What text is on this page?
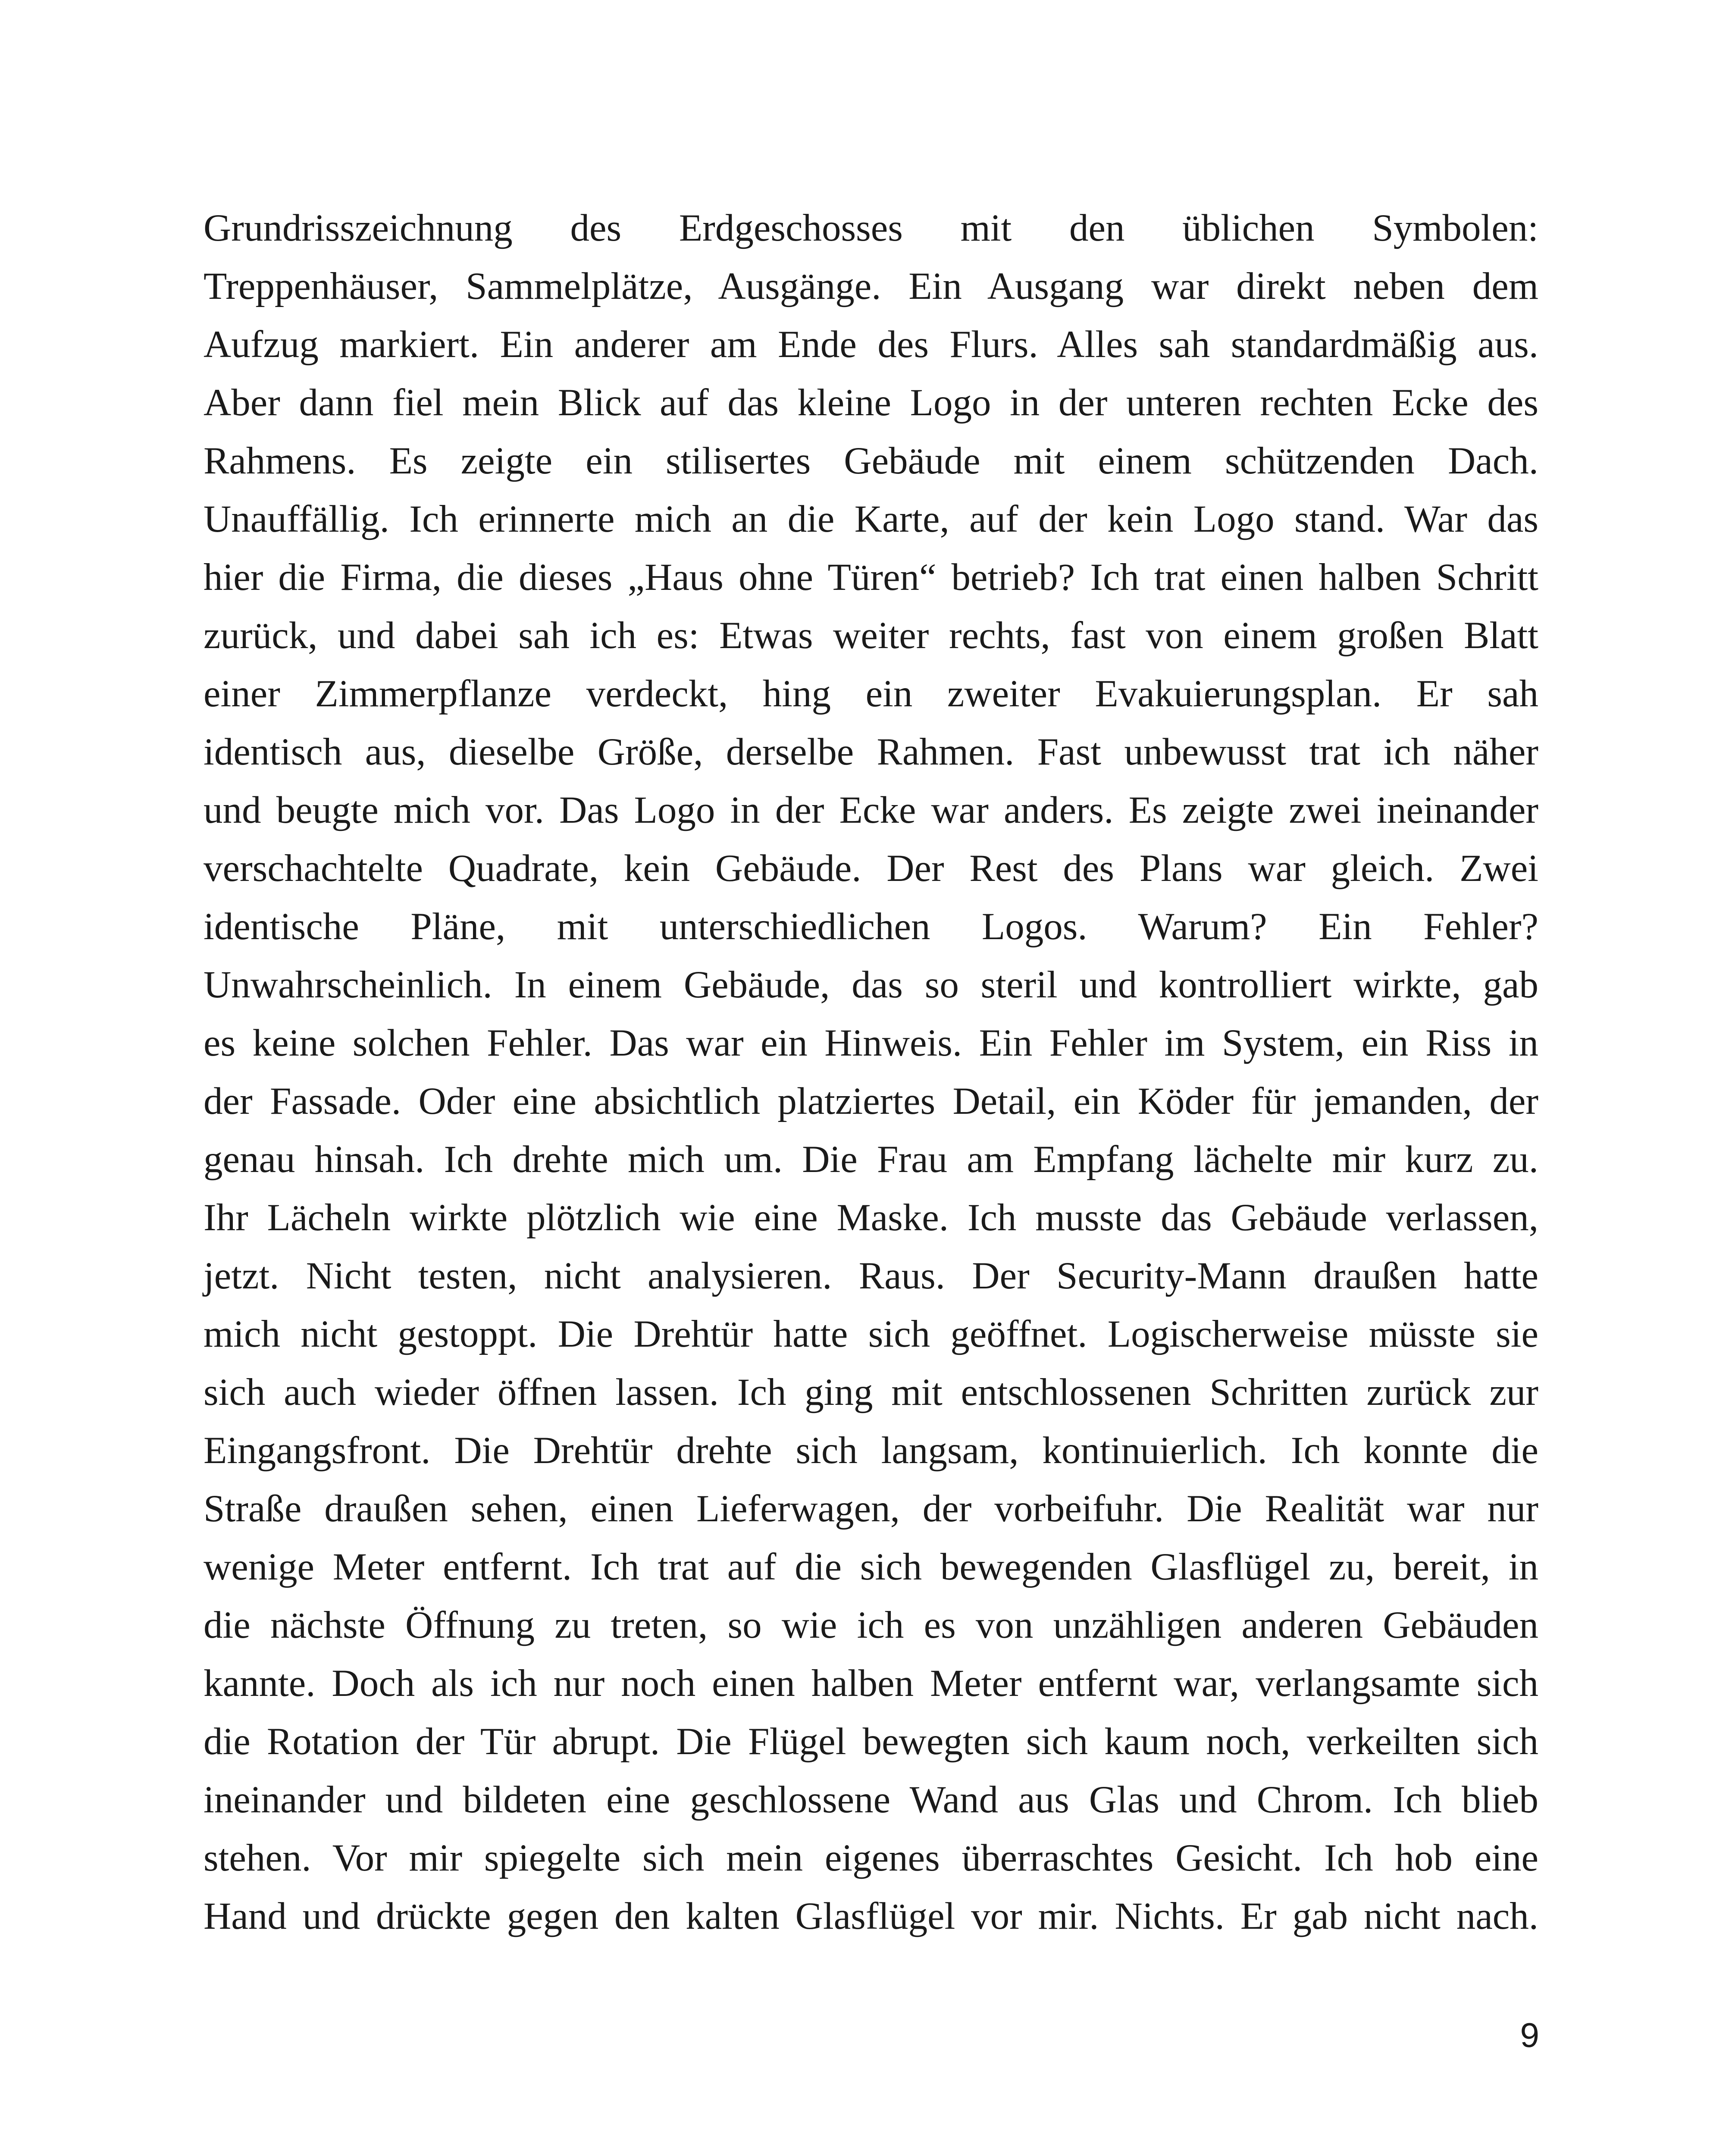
Grundrisszeichnung des Erdgeschosses mit den üblichen Symbolen:
Treppenhäuser, Sammelplätze, Ausgänge. Ein Ausgang war direkt neben dem
Aufzug markiert. Ein anderer am Ende des Flurs. Alles sah standardmäßig aus.
Aber dann fiel mein Blick auf das kleine Logo in der unteren rechten Ecke des
Rahmens. Es zeigte ein stilisertes Gebäude mit einem schützenden Dach.
Unauffällig. Ich erinnerte mich an die Karte, auf der kein Logo stand. War das
hier die Firma, die dieses „Haus ohne Türen“ betrieb? Ich trat einen halben Schritt
zurück, und dabei sah ich es: Etwas weiter rechts, fast von einem großen Blatt
einer Zimmerpflanze verdeckt, hing ein zweiter Evakuierungsplan. Er sah
identisch aus, dieselbe Größe, derselbe Rahmen. Fast unbewusst trat ich näher
und beugte mich vor. Das Logo in der Ecke war anders. Es zeigte zwei ineinander
verschachtelte Quadrate, kein Gebäude. Der Rest des Plans war gleich. Zwei
identische Pläne, mit unterschiedlichen Logos. Warum? Ein Fehler?
Unwahrscheinlich. In einem Gebäude, das so steril und kontrolliert wirkte, gab
es keine solchen Fehler. Das war ein Hinweis. Ein Fehler im System, ein Riss in
der Fassade. Oder eine absichtlich platziertes Detail, ein Köder für jemanden, der
genau hinsah. Ich drehte mich um. Die Frau am Empfang lächelte mir kurz zu.
Ihr Lächeln wirkte plötzlich wie eine Maske. Ich musste das Gebäude verlassen,
jetzt. Nicht testen, nicht analysieren. Raus. Der Security-Mann draußen hatte
mich nicht gestoppt. Die Drehtür hatte sich geöffnet. Logischerweise müsste sie
sich auch wieder öffnen lassen. Ich ging mit entschlossenen Schritten zurück zur
Eingangsfront. Die Drehtür drehte sich langsam, kontinuierlich. Ich konnte die
Straße draußen sehen, einen Lieferwagen, der vorbeifuhr. Die Realität war nur
wenige Meter entfernt. Ich trat auf die sich bewegenden Glasflügel zu, bereit, in
die nächste Öffnung zu treten, so wie ich es von unzähligen anderen Gebäuden
kannte. Doch als ich nur noch einen halben Meter entfernt war, verlangsamte sich
die Rotation der Tür abrupt. Die Flügel bewegten sich kaum noch, verkeilten sich
ineinander und bildeten eine geschlossene Wand aus Glas und Chrom. Ich blieb
stehen. Vor mir spiegelte sich mein eigenes überraschtes Gesicht. Ich hob eine
Hand und drückte gegen den kalten Glasflügel vor mir. Nichts. Er gab nicht nach.
9
